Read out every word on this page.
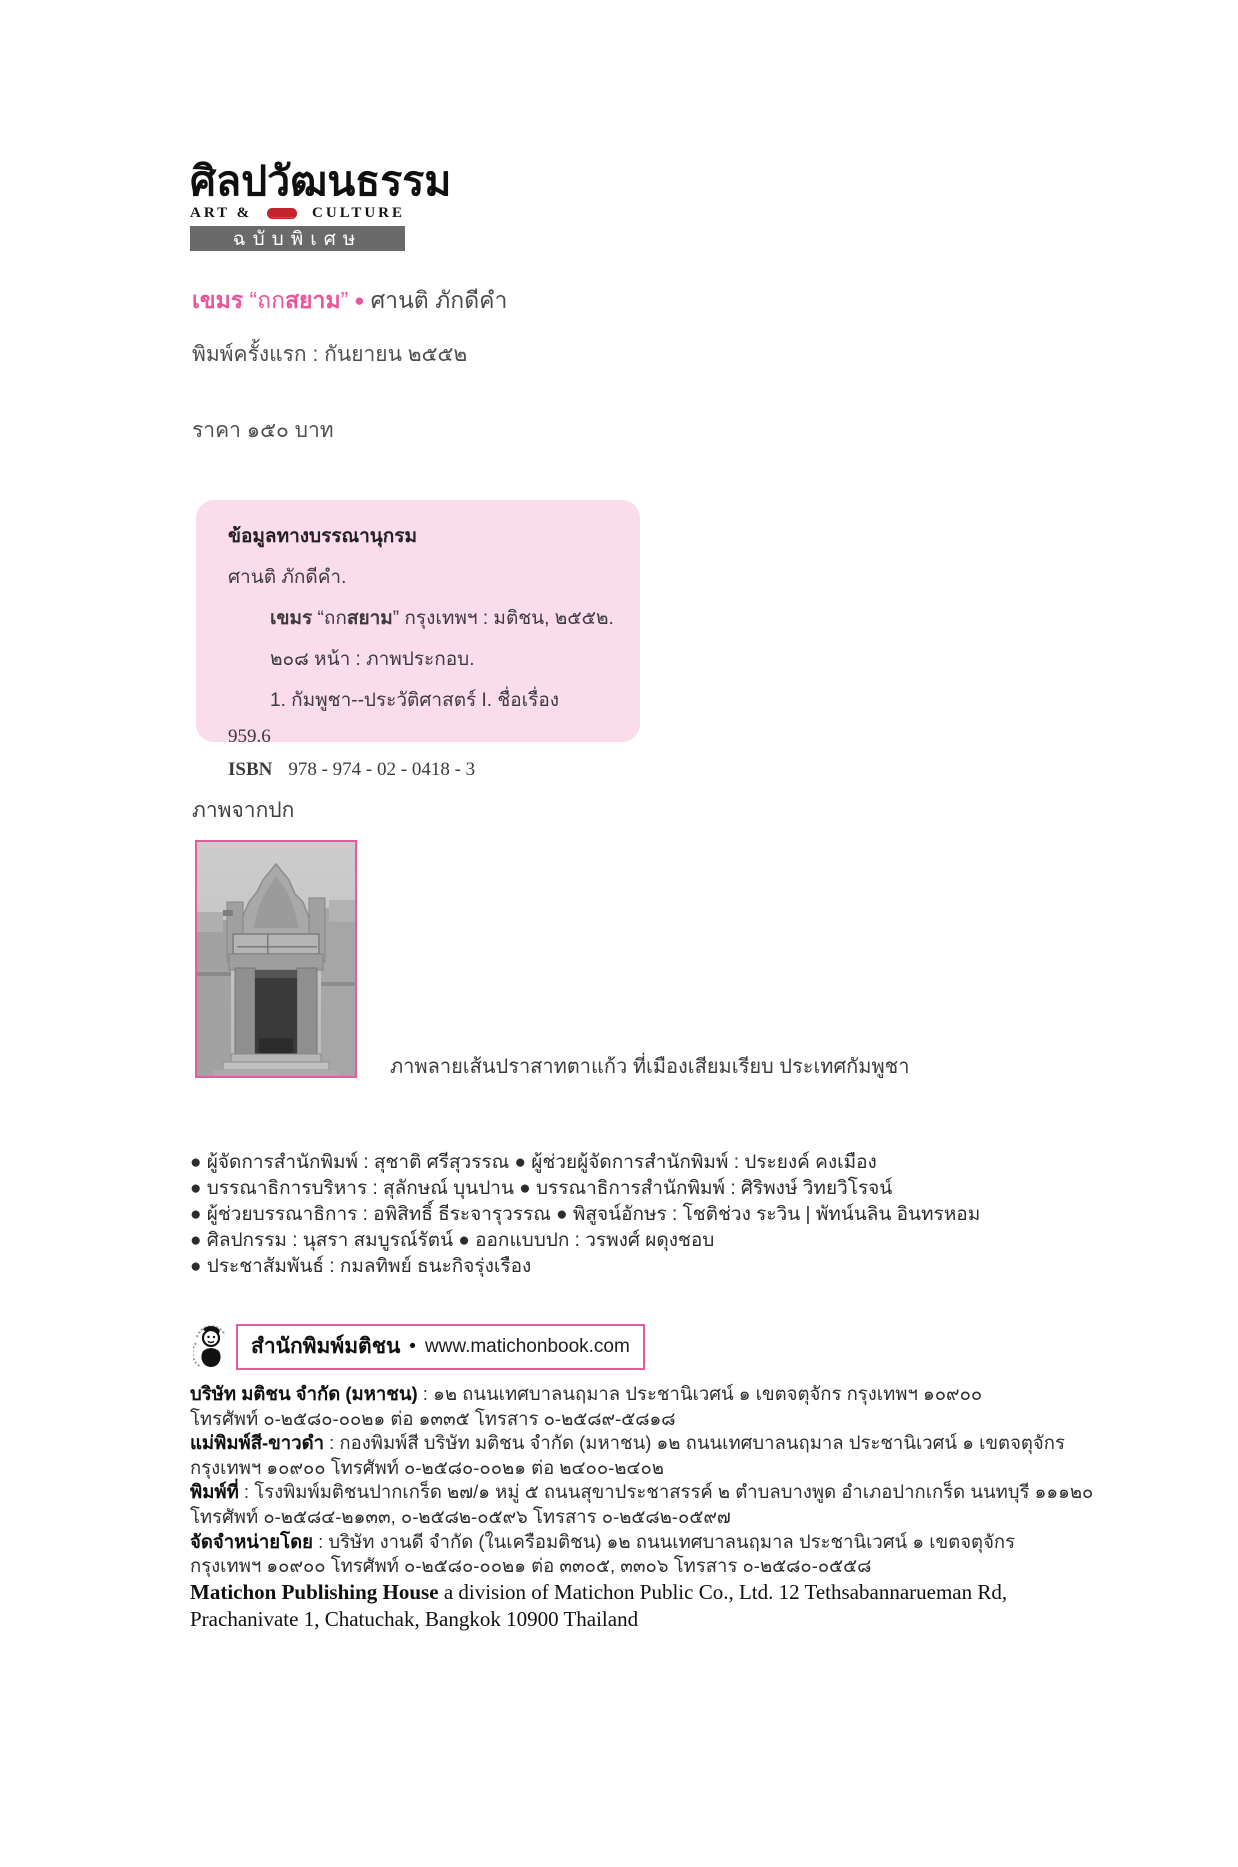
ศิลปวัฒนธรรม
ART &	CULTURE
ฉบับพิเศษ
เขมร “ถกสยาม” ● ศานติ ภักดีคำ
พิมพ์ครั้งแรก : กันยายน ๒๕๕๒
ราคา ๑๕๐ บาท
ข้อมูลทางบรรณานุกรม
ศานติ ภักดีคำ.
เขมร “ถกสยาม” กรุงเทพฯ : มติชน, ๒๕๕๒.
๒๐๘ หน้า : ภาพประกอบ.
1. กัมพูชา--ประวัติศาสตร์ I. ชื่อเรื่อง
959.6
ISBN 978 - 974 - 02 - 0418 - 3
ภาพจากปก
ภาพลายเส้นปราสาทตาแก้ว ที่เมืองเสียมเรียบ ประเทศกัมพูชา
● ผู้จัดการสำนักพิมพ์ : สุชาติ ศรีสุวรรณ ● ผู้ช่วยผู้จัดการสำนักพิมพ์ : ประยงค์ คงเมือง
● บรรณาธิการบริหาร : สุลักษณ์ บุนปาน ● บรรณาธิการสำนักพิมพ์ : ศิริพงษ์ วิทยวิโรจน์
● ผู้ช่วยบรรณาธิการ : อพิสิทธิ์ ธีระจารุวรรณ ● พิสูจน์อักษร : โชติช่วง ระวิน | พัทน์นลิน อินทรหอม
● ศิลปกรรม : นุสรา สมบูรณ์รัตน์ ● ออกแบบปก : วรพงศ์ ผดุงชอบ
● ประชาสัมพันธ์ : กมลทิพย์ ธนะกิจรุ่งเรือง
สำนักพิมพ์มติชน • www.matichonbook.com
บริษัท มติชน จำกัด (มหาชน) : ๑๒ ถนนเทศบาลนฤมาล ประชานิเวศน์ ๑ เขตจตุจักร กรุงเทพฯ ๑๐๙๐๐
โทรศัพท์ ๐-๒๕๘๐-๐๐๒๑ ต่อ ๑๓๓๕ โทรสาร ๐-๒๕๘๙-๕๘๑๘
แม่พิมพ์สี-ขาวดำ : กองพิมพ์สี บริษัท มติชน จำกัด (มหาชน) ๑๒ ถนนเทศบาลนฤมาล ประชานิเวศน์ ๑ เขตจตุจักร
กรุงเทพฯ ๑๐๙๐๐ โทรศัพท์ ๐-๒๕๘๐-๐๐๒๑ ต่อ ๒๔๐๐-๒๔๐๒
พิมพ์ที่ : โรงพิมพ์มติชนปากเกร็ด ๒๗/๑ หมู่ ๕ ถนนสุขาประชาสรรค์ ๒ ตำบลบางพูด อำเภอปากเกร็ด นนทบุรี ๑๑๑๒๐
โทรศัพท์ ๐-๒๕๘๔-๒๑๓๓, ๐-๒๕๘๒-๐๕๙๖ โทรสาร ๐-๒๕๘๒-๐๕๙๗
จัดจำหน่ายโดย : บริษัท งานดี จำกัด (ในเครือมติชน) ๑๒ ถนนเทศบาลนฤมาล ประชานิเวศน์ ๑ เขตจตุจักร
กรุงเทพฯ ๑๐๙๐๐ โทรศัพท์ ๐-๒๕๘๐-๐๐๒๑ ต่อ ๓๓๐๕, ๓๓๐๖ โทรสาร ๐-๒๕๘๐-๐๕๕๘
Matichon Publishing House a division of Matichon Public Co., Ltd. 12 Tethsabannarueman Rd,
Prachanivate 1, Chatuchak, Bangkok 10900 Thailand
